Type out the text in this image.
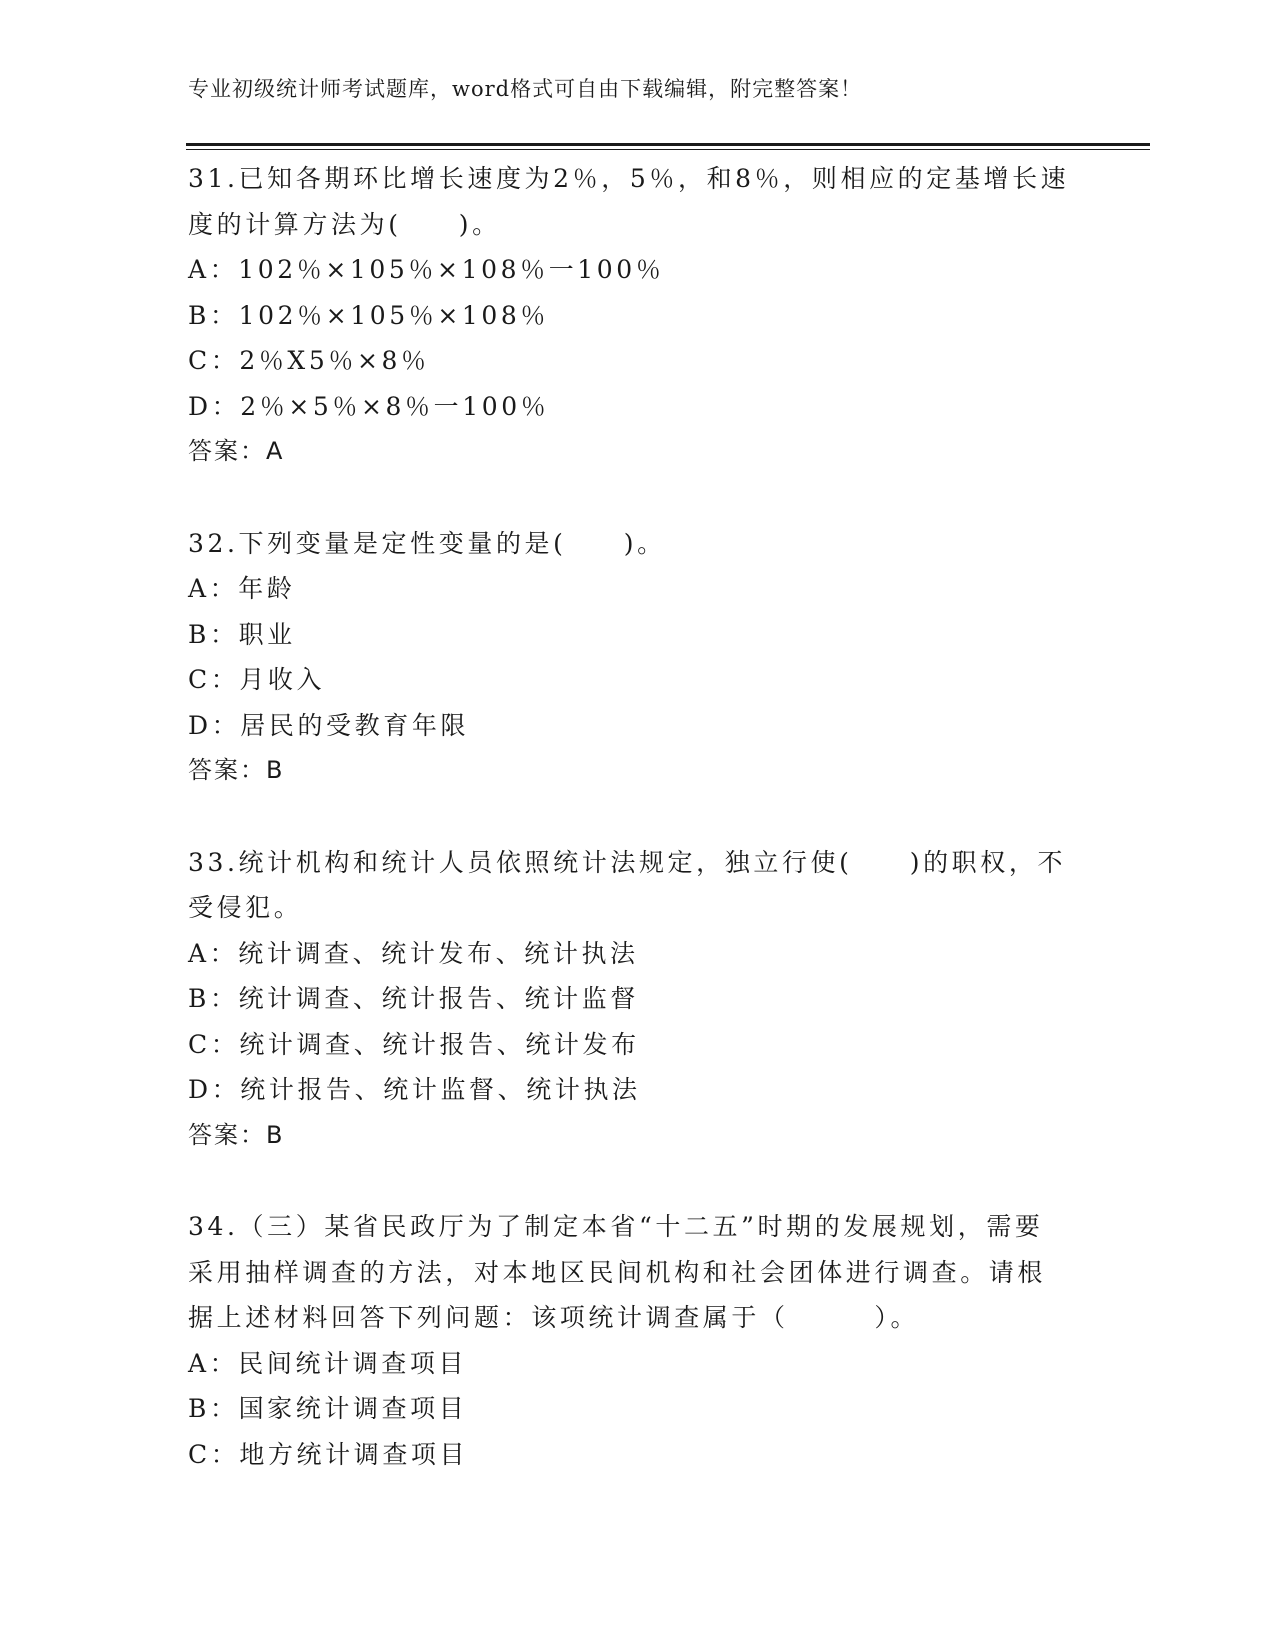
专业初级统计师考试题库，word格式可自由下载编辑，附完整答案！
31.已知各期环比增长速度为2％，5％，和8％，则相应的定基增长速
度的计算方法为(　　)。
A：102％×105％×108％一100％
B：102％×105％×108％
C：2％X5％×8％
D：2％×5％×8％一100％
答案：A
32.下列变量是定性变量的是(　　)。
A：年龄
B：职业
C：月收入
D：居民的受教育年限
答案：B
33.统计机构和统计人员依照统计法规定，独立行使(　　)的职权，不
受侵犯。
A：统计调查、统计发布、统计执法
B：统计调查、统计报告、统计监督
C：统计调查、统计报告、统计发布
D：统计报告、统计监督、统计执法
答案：B
34.（三）某省民政厅为了制定本省“十二五”时期的发展规划，需要
采用抽样调查的方法，对本地区民间机构和社会团体进行调查。请根
据上述材料回答下列问题：该项统计调查属于（　　　）。
A：民间统计调查项目
B：国家统计调查项目
C：地方统计调查项目
